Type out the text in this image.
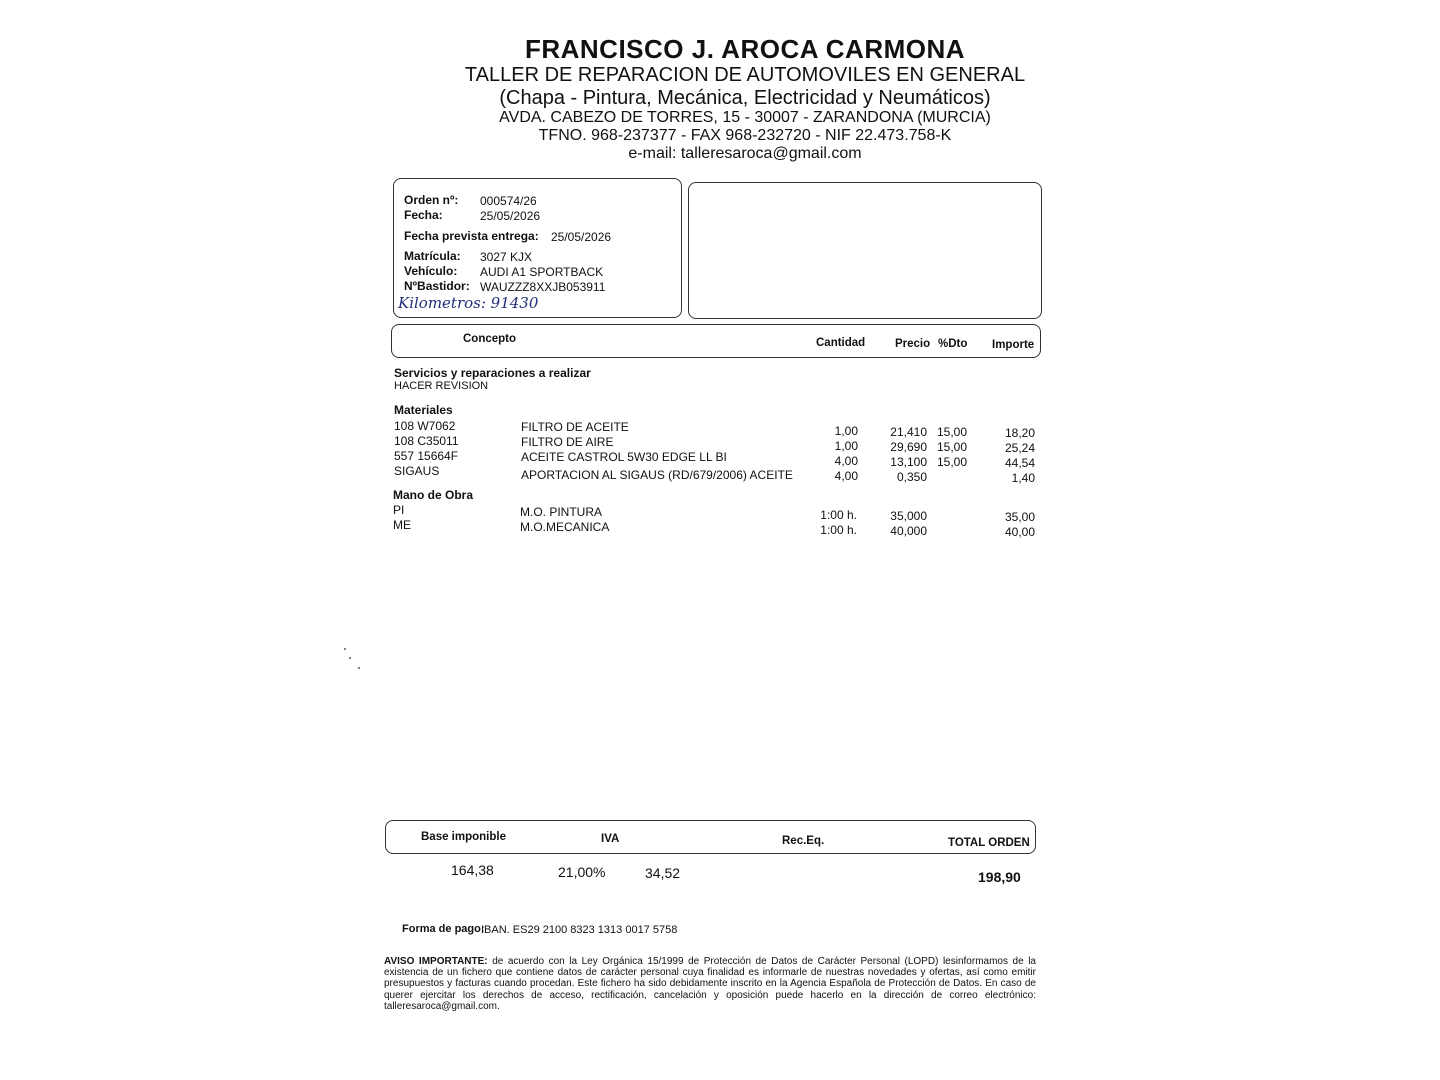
FRANCISCO J. AROCA CARMONA
TALLER DE REPARACION DE AUTOMOVILES EN GENERAL
(Chapa - Pintura, Mecánica, Electricidad y Neumáticos)
AVDA. CABEZO DE TORRES, 15 - 30007 - ZARANDONA (MURCIA)
TFNO. 968-237377 - FAX 968-232720 - NIF 22.473.758-K
e-mail: talleresaroca@gmail.com
Orden nº: 000574/26
Fecha:	25/05/2026
Fecha prevista entrega: 25/05/2026
Matrícula: 3027 KJX
Vehículo: AUDI A1 SPORTBACK
NºBastidor: WAUZZZ8XXJB053911
Kilometros: 91430
Concepto	Cantidad	Precio %Dto Importe
Servicios y reparaciones a realizar
HACER REVISION
Materiales
108 W7062	FILTRO DE ACEITE	1,00	21,410 15,00	18,20
108 C35011	FILTRO DE AIRE	1,00	29,690 15,00	25,24
557 15664F	ACEITE CASTROL 5W30 EDGE LL BI	4,00	13,100 15,00	44,54
SIGAUS	APORTACION AL SIGAUS (RD/679/2006) ACEITE	4,00	0,350	1,40
Mano de Obra
PI	M.O. PINTURA	1:00 h.	35,000	35,00
ME	M.O.MECANICA	1:00 h.	40,000	40,00
Base imponible	IVA	Rec.Eq.	TOTAL ORDEN
164,38	21,00%	34,52	198,90
Forma de pago:
IBAN. ES29 2100 8323 1313 0017 5758
AVISO IMPORTANTE: de acuerdo con la Ley Orgánica 15/1999 de Protección de Datos de Carácter Personal (LOPD) lesinformamos de la existencia de un fichero que contiene datos de carácter personal cuya finalidad es informarle de nuestras novedades y ofertas, así como emitir presupuestos y facturas cuando procedan. Este fichero ha sido debidamente inscrito en la Agencia Española de Protección de Datos. En caso de querer ejercitar los derechos de acceso, rectificación, cancelación y oposición puede hacerlo en la dirección de correo electrónico: talleresaroca@gmail.com.
